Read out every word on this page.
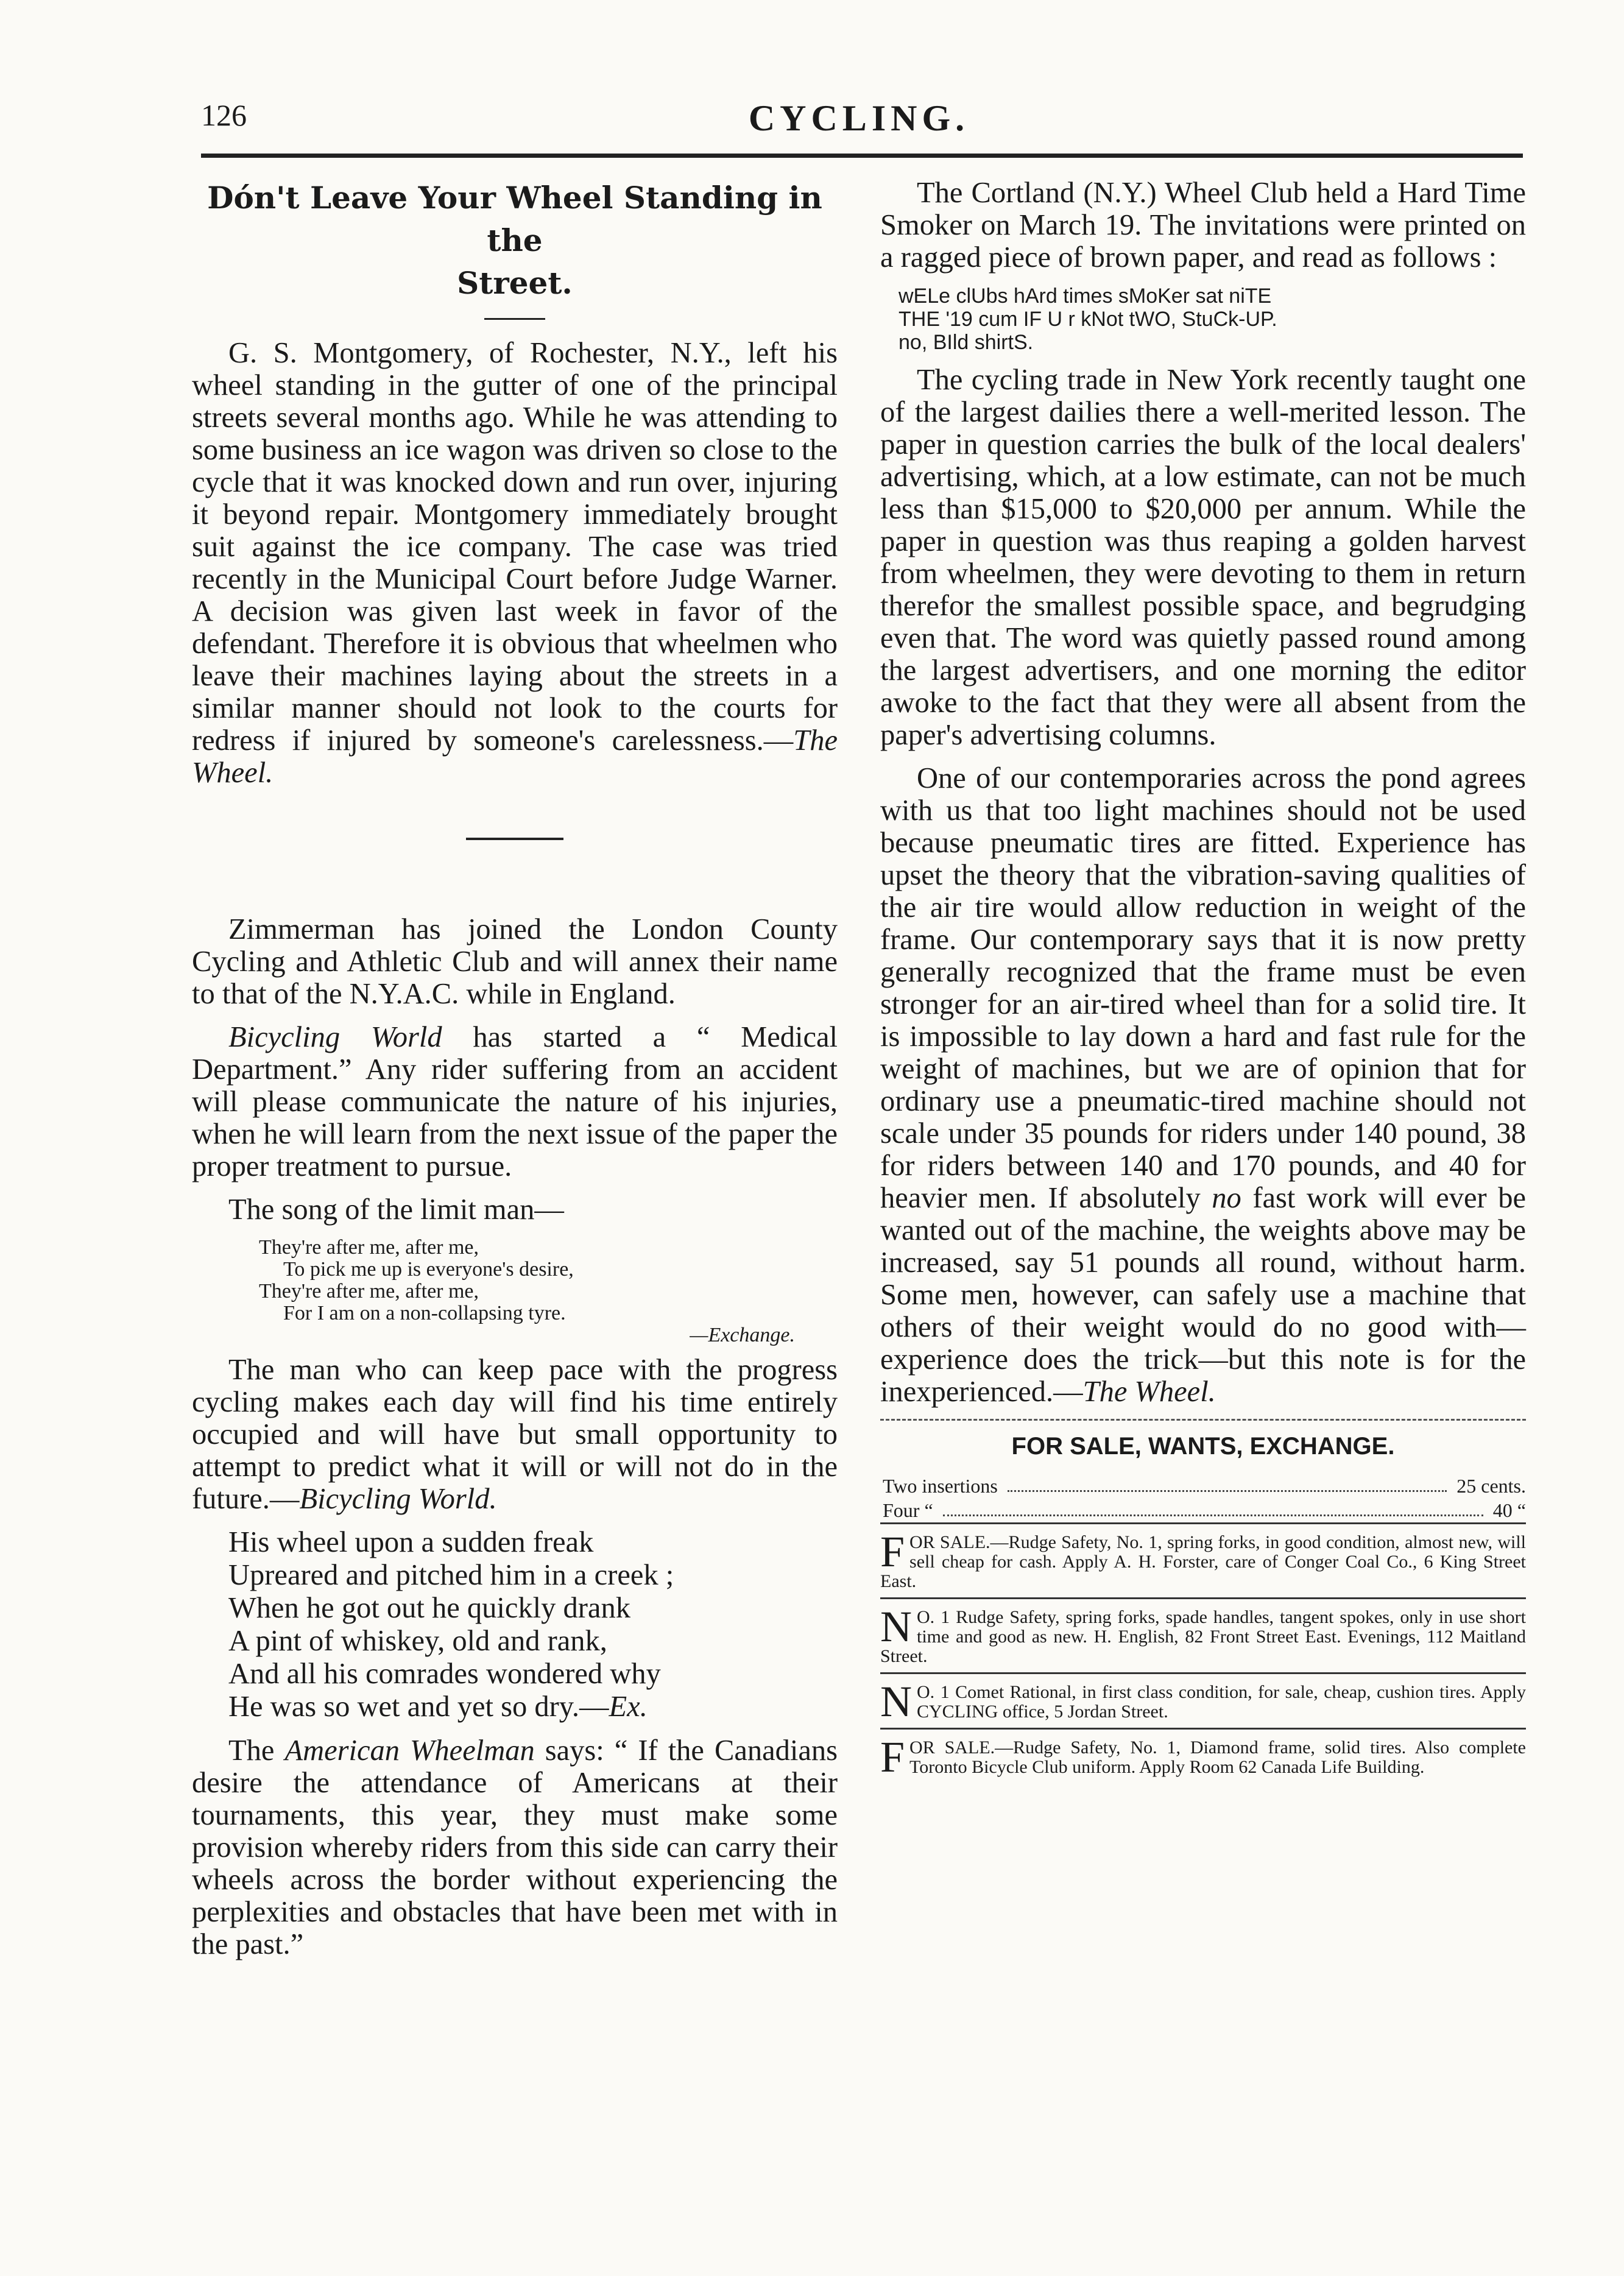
126	CYCLING.
Dón't Leave Your Wheel Standing in the
Street.

G. S. Montgomery, of Rochester, N.Y., left his wheel standing in the gutter of one of the principal streets several months ago. While he was attending to some business an ice wagon was driven so close to the cycle that it was knocked down and run over, injuring it beyond repair. Montgomery immediately brought suit against the ice company. The case was tried recently in the Municipal Court before Judge Warner. A decision was given last week in favor of the defendant. Therefore it is obvious that wheelmen who leave their machines laying about the streets in a similar manner should not look to the courts for redress if injured by someone's carelessness.—The Wheel.

Zimmerman has joined the London County Cycling and Athletic Club and will annex their name to that of the N.Y.A.C. while in England.

Bicycling World has started a “ Medical Department.” Any rider suffering from an accident will please communicate the nature of his injuries, when he will learn from the next issue of the paper the proper treatment to pursue.

The song of the limit man—

They're after me, after me,
To pick me up is everyone's desire,
They're after me, after me,
For I am on a non-collapsing tyre.
—Exchange.

The man who can keep pace with the progress cycling makes each day will find his time entirely occupied and will have but small opportunity to attempt to predict what it will or will not do in the future.—Bicycling World.

His wheel upon a sudden freak
Upreared and pitched him in a creek ;
When he got out he quickly drank
A pint of whiskey, old and rank,
And all his comrades wondered why
He was so wet and yet so dry.—Ex.

The American Wheelman says: “ If the Canadians desire the attendance of Americans at their tournaments, this year, they must make some provision whereby riders from this side can carry their wheels across the border without experiencing the perplexities and obstacles that have been met with in the past.”

The Cortland (N.Y.) Wheel Club held a Hard Time Smoker on March 19. The invitations were printed on a ragged piece of brown paper, and read as follows :

wELe clUbs hArd times sMoKer sat niTE
THE '19 cum IF U r kNot tWO, StuCk-UP.
no, BIld shirtS.

The cycling trade in New York recently taught one of the largest dailies there a well-merited lesson. The paper in question carries the bulk of the local dealers' advertising, which, at a low estimate, can not be much less than $15,000 to $20,000 per annum. While the paper in question was thus reaping a golden harvest from wheelmen, they were devoting to them in return therefor the smallest possible space, and begrudging even that. The word was quietly passed round among the largest advertisers, and one morning the editor awoke to the fact that they were all absent from the paper's advertising columns.

One of our contemporaries across the pond agrees with us that too light machines should not be used because pneumatic tires are fitted. Experience has upset the theory that the vibration-saving qualities of the air tire would allow reduction in weight of the frame. Our contemporary says that it is now pretty generally recognized that the frame must be even stronger for an air-tired wheel than for a solid tire. It is impossible to lay down a hard and fast rule for the weight of machines, but we are of opinion that for ordinary use a pneumatic-tired machine should not scale under 35 pounds for riders under 140 pound, 38 for riders between 140 and 170 pounds, and 40 for heavier men. If absolutely no fast work will ever be wanted out of the machine, the weights above may be increased, say 51 pounds all round, without harm. Some men, however, can safely use a machine that others of their weight would do no good with—experience does the trick—but this note is for the inexperienced.—The Wheel.

FOR SALE, WANTS, EXCHANGE.
Two insertions	25 cents.
Four “	40 “
FOR SALE.—Rudge Safety, No. 1, spring forks, in good condition, almost new, will sell cheap for cash. Apply A. H. Forster, care of Conger Coal Co., 6 King Street East.
N O. 1 Rudge Safety, spring forks, spade handles, tangent spokes, only in use short time and good as new. H. English, 82 Front Street East. Evenings, 112 Maitland Street.
N O. 1 Comet Rational, in first class condition, for sale, cheap, cushion tires. Apply CYCLING office, 5 Jordan Street.
FOR SALE.—Rudge Safety, No. 1, Diamond frame, solid tires. Also complete Toronto Bicycle Club uniform. Apply Room 62 Canada Life Building.
